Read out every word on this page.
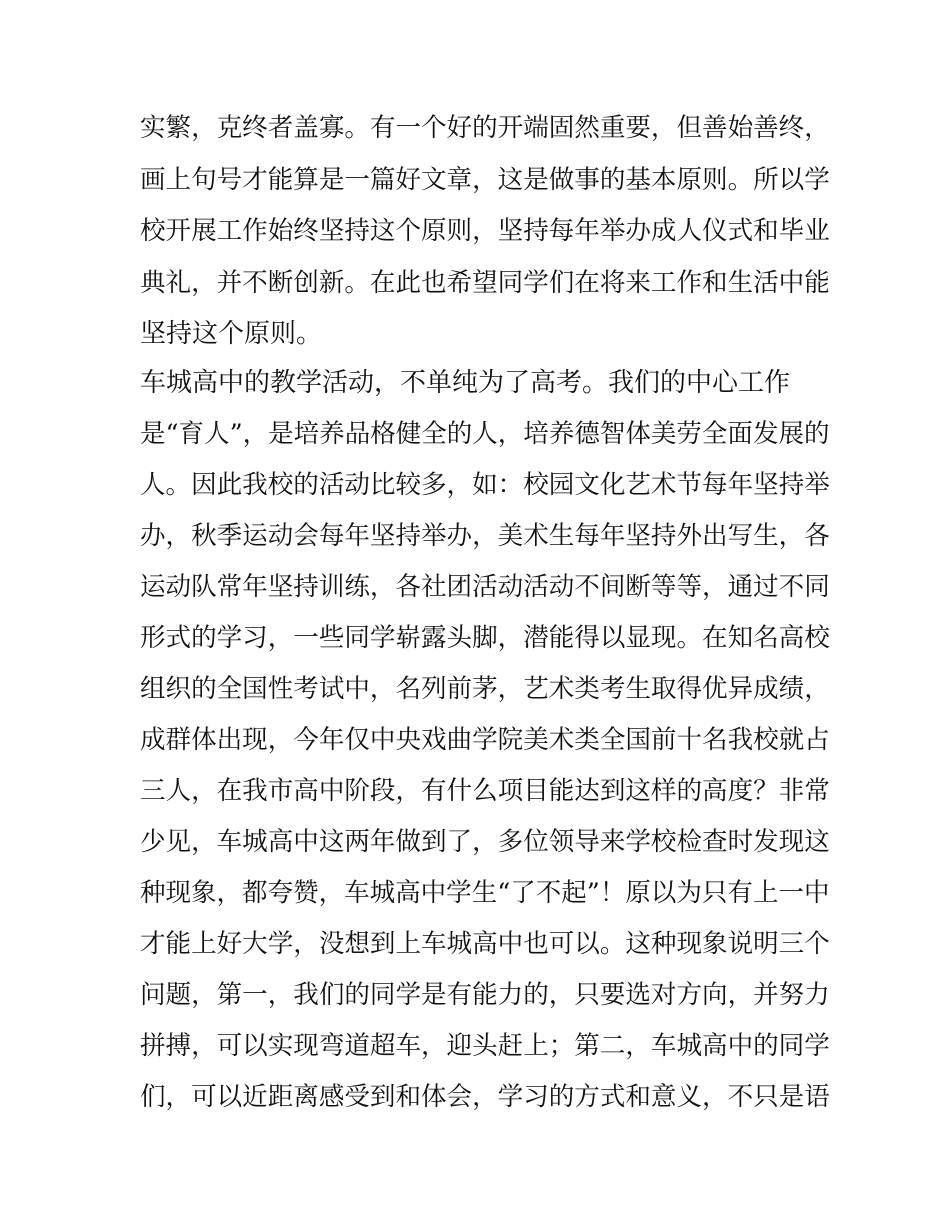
实繁，克终者盖寡。有一个好的开端固然重要，但善始善终，
画上句号才能算是一篇好文章，这是做事的基本原则。所以学
校开展工作始终坚持这个原则，坚持每年举办成人仪式和毕业
典礼，并不断创新。在此也希望同学们在将来工作和生活中能
坚持这个原则。
车城高中的教学活动，不单纯为了高考。我们的中心工作
是“育人”，是培养品格健全的人，培养德智体美劳全面发展的
人。因此我校的活动比较多，如：校园文化艺术节每年坚持举
办，秋季运动会每年坚持举办，美术生每年坚持外出写生，各
运动队常年坚持训练，各社团活动活动不间断等等，通过不同
形式的学习，一些同学崭露头脚，潜能得以显现。在知名高校
组织的全国性考试中，名列前茅，艺术类考生取得优异成绩，
成群体出现，今年仅中央戏曲学院美术类全国前十名我校就占
三人，在我市高中阶段，有什么项目能达到这样的高度？非常
少见，车城高中这两年做到了，多位领导来学校检查时发现这
种现象，都夸赞，车城高中学生“了不起”！原以为只有上一中
才能上好大学，没想到上车城高中也可以。这种现象说明三个
问题，第一，我们的同学是有能力的，只要选对方向，并努力
拼搏，可以实现弯道超车，迎头赶上；第二，车城高中的同学
们，可以近距离感受到和体会，学习的方式和意义，不只是语
